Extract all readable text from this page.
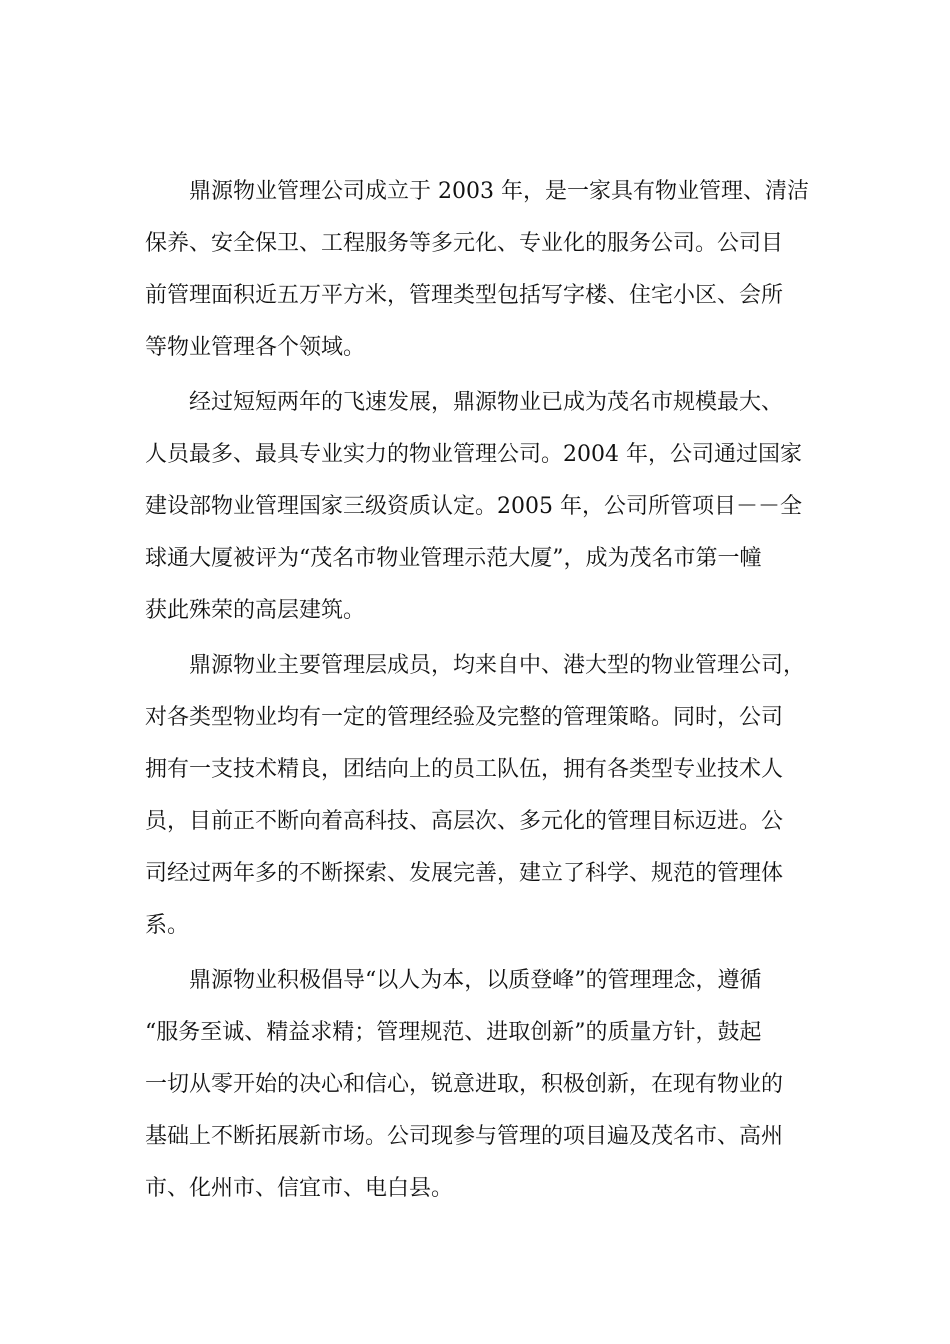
鼎源物业管理公司成立于 2003 年，是一家具有物业管理、清洁
保养、安全保卫、工程服务等多元化、专业化的服务公司。公司目
前管理面积近五万平方米，管理类型包括写字楼、住宅小区、会所
等物业管理各个领域。
经过短短两年的飞速发展，鼎源物业已成为茂名市规模最大、
人员最多、最具专业实力的物业管理公司。2004 年，公司通过国家
建设部物业管理国家三级资质认定。2005 年，公司所管项目－－全
球通大厦被评为“茂名市物业管理示范大厦”，成为茂名市第一幢
获此殊荣的高层建筑。
鼎源物业主要管理层成员，均来自中、港大型的物业管理公司，
对各类型物业均有一定的管理经验及完整的管理策略。同时，公司
拥有一支技术精良，团结向上的员工队伍，拥有各类型专业技术人
员，目前正不断向着高科技、高层次、多元化的管理目标迈进。公
司经过两年多的不断探索、发展完善，建立了科学、规范的管理体
系。
鼎源物业积极倡导“以人为本，以质登峰”的管理理念，遵循
“服务至诚、精益求精；管理规范、进取创新”的质量方针，鼓起
一切从零开始的决心和信心，锐意进取，积极创新，在现有物业的
基础上不断拓展新市场。公司现参与管理的项目遍及茂名市、高州
市、化州市、信宜市、电白县。
